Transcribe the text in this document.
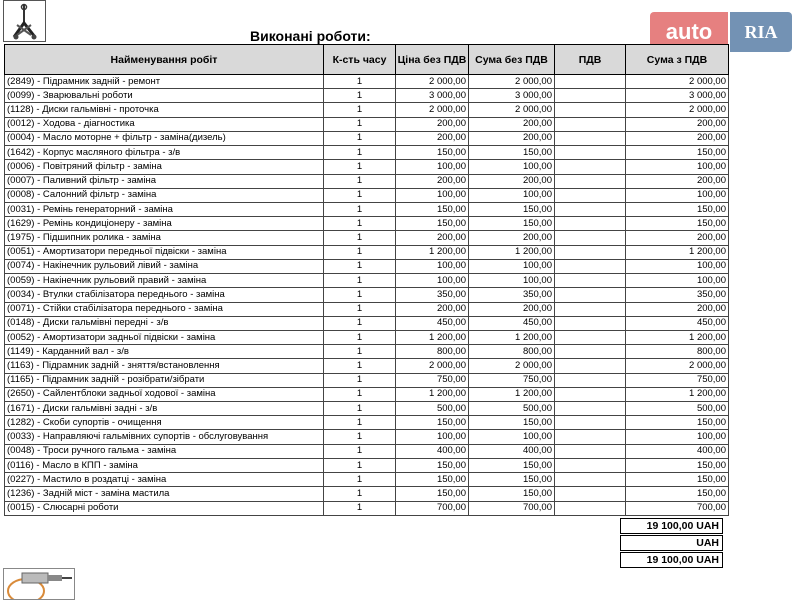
Виконані роботи:	auto	RIA
Найменування робіт	К-сть часу	Ціна без ПДВ	Сума без ПДВ	ПДВ	Сума з ПДВ
(2849) - Підрамник задній - ремонт	1	2 000,00	2 000,00		2 000,00
(0099) - Зварювальні роботи	1	3 000,00	3 000,00		3 000,00
(1128) - Диски гальмівні - проточка	1	2 000,00	2 000,00		2 000,00
(0012) - Ходова - діагностика	1	200,00	200,00		200,00
(0004) - Масло моторне + фільтр - заміна(дизель)	1	200,00	200,00		200,00
(1642) - Корпус масляного фільтра - з/в	1	150,00	150,00		150,00
(0006) - Повітряний фільтр - заміна	1	100,00	100,00		100,00
(0007) - Паливний фільтр - заміна	1	200,00	200,00		200,00
(0008) - Салонний фільтр - заміна	1	100,00	100,00		100,00
(0031) - Ремінь генераторний - заміна	1	150,00	150,00		150,00
(1629) - Ремінь кондиціонеру - заміна	1	150,00	150,00		150,00
(1975) - Підшипник ролика - заміна	1	200,00	200,00		200,00
(0051) - Амортизатори передньої підвіски - заміна	1	1 200,00	1 200,00		1 200,00
(0074) - Накінечник рульовий лівий - заміна	1	100,00	100,00		100,00
(0059) - Накінечник рульовий правий - заміна	1	100,00	100,00		100,00
(0034) - Втулки стабілізатора переднього - заміна	1	350,00	350,00		350,00
(0071) - Стійки стабілізатора переднього - заміна	1	200,00	200,00		200,00
(0148) - Диски гальмівні передні - з/в	1	450,00	450,00		450,00
(0052) - Амортизатори задньої підвіски - заміна	1	1 200,00	1 200,00		1 200,00
(1149) - Карданний вал - з/в	1	800,00	800,00		800,00
(1163) - Підрамник задній - зняття/встановлення	1	2 000,00	2 000,00		2 000,00
(1165) - Підрамник задній - розібрати/зібрати	1	750,00	750,00		750,00
(2650) - Сайлентблоки задньої ходової - заміна	1	1 200,00	1 200,00		1 200,00
(1671) - Диски гальмівні задні - з/в	1	500,00	500,00		500,00
(1282) - Скоби супортів - очищення	1	150,00	150,00		150,00
(0033) - Направляючі гальмівних супортів - обслуговування	1	100,00	100,00		100,00
(0048) - Троси ручного гальма - заміна	1	400,00	400,00		400,00
(0116) - Масло в КПП - заміна	1	150,00	150,00		150,00
(0227) - Мастило в роздатці - заміна	1	150,00	150,00		150,00
(1236) - Задній міст - заміна мастила	1	150,00	150,00		150,00
(0015) - Слюсарні роботи	1	700,00	700,00		700,00
19 100,00 UAH
UAH
19 100,00 UAH
